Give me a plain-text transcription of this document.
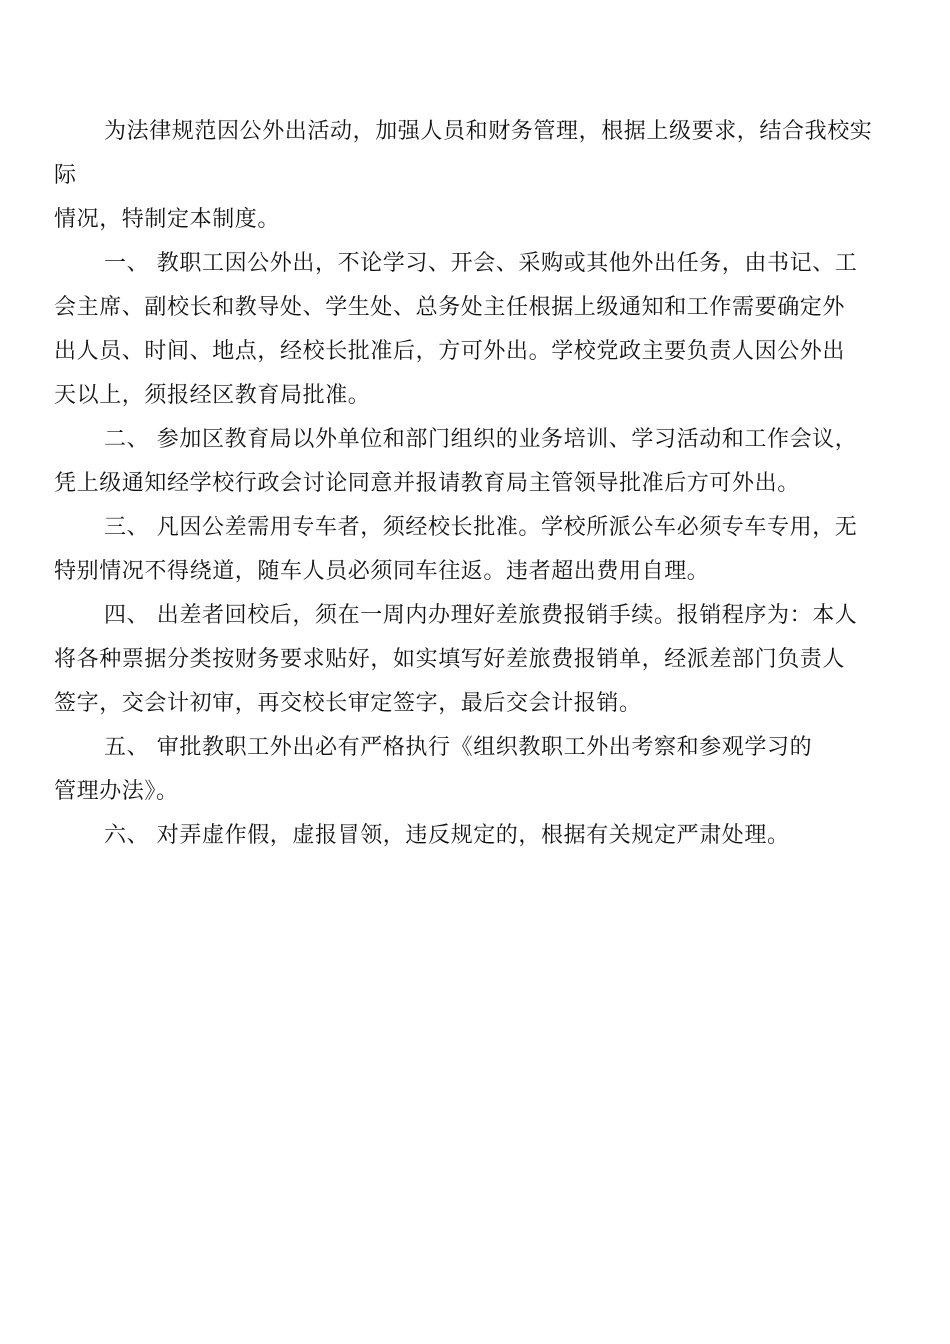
为法律规范因公外出活动，加强人员和财务管理，根据上级要求，结合我校实
际
情况，特制定本制度。
一、 教职工因公外出，不论学习、开会、采购或其他外出任务，由书记、工
会主席、副校长和教导处、学生处、总务处主任根据上级通知和工作需要确定外
出人员、时间、地点，经校长批准后，方可外出。学校党政主要负责人因公外出
天以上，须报经区教育局批准。
二、 参加区教育局以外单位和部门组织的业务培训、学习活动和工作会议，
凭上级通知经学校行政会讨论同意并报请教育局主管领导批准后方可外出。
三、 凡因公差需用专车者，须经校长批准。学校所派公车必须专车专用，无
特别情况不得绕道，随车人员必须同车往返。违者超出费用自理。
四、 出差者回校后，须在一周内办理好差旅费报销手续。报销程序为：本人
将各种票据分类按财务要求贴好，如实填写好差旅费报销单，经派差部门负责人
签字，交会计初审，再交校长审定签字，最后交会计报销。
五、 审批教职工外出必有严格执行《组织教职工外出考察和参观学习的
管理办法》。
六、 对弄虚作假，虚报冒领，违反规定的，根据有关规定严肃处理。
